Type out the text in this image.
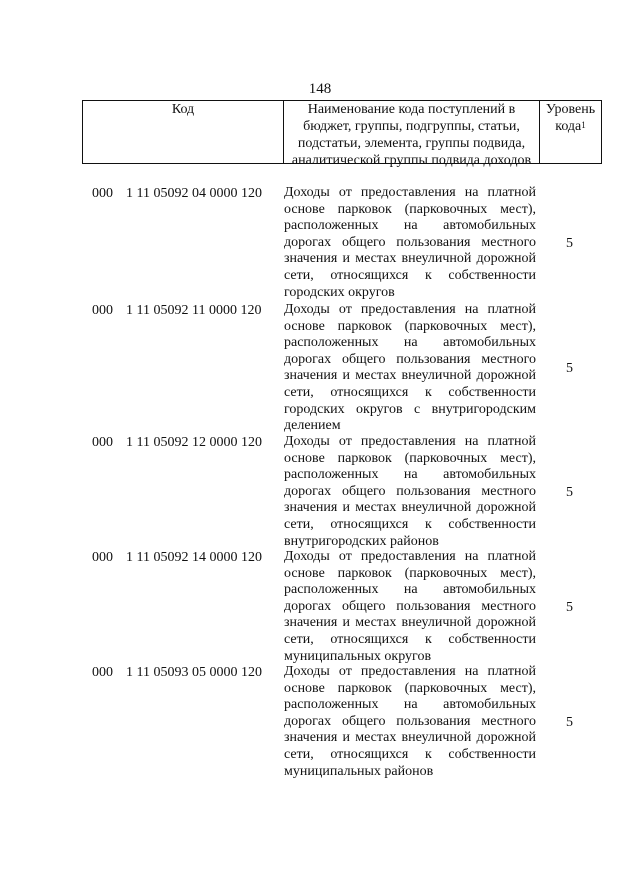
148
Код	Наименование кода поступлений в
бюджет, группы, подгруппы, статьи,
подстатьи, элемента, группы подвида,
аналитической группы подвида доходов
Уровень
кода$^1$
000 1 11 05092 04 0000 120 Доходы от предоставления на платной
основе парковок (парковочных мест),
расположенных на автомобильных
дорогах общего пользования местного
значения и местах внеуличной дорожной
сети, относящихся к собственности
городских округов
5
000 1 11 05092 11 0000 120 Доходы от предоставления на платной
основе парковок (парковочных мест),
расположенных на автомобильных
дорогах общего пользования местного
значения и местах внеуличной дорожной
сети, относящихся к собственности
городских округов с внутригородским
делением
5
000 1 11 05092 12 0000 120 Доходы от предоставления на платной
основе парковок (парковочных мест),
расположенных на автомобильных
дорогах общего пользования местного
значения и местах внеуличной дорожной
сети, относящихся к собственности
внутригородских районов
5
000 1 11 05092 14 0000 120 Доходы от предоставления на платной
основе парковок (парковочных мест),
расположенных на автомобильных
дорогах общего пользования местного
значения и местах внеуличной дорожной
сети, относящихся к собственности
муниципальных округов
5
000 1 11 05093 05 0000 120 Доходы от предоставления на платной
основе парковок (парковочных мест),
расположенных на автомобильных
дорогах общего пользования местного
значения и местах внеуличной дорожной
сети, относящихся к собственности
муниципальных районов
5
